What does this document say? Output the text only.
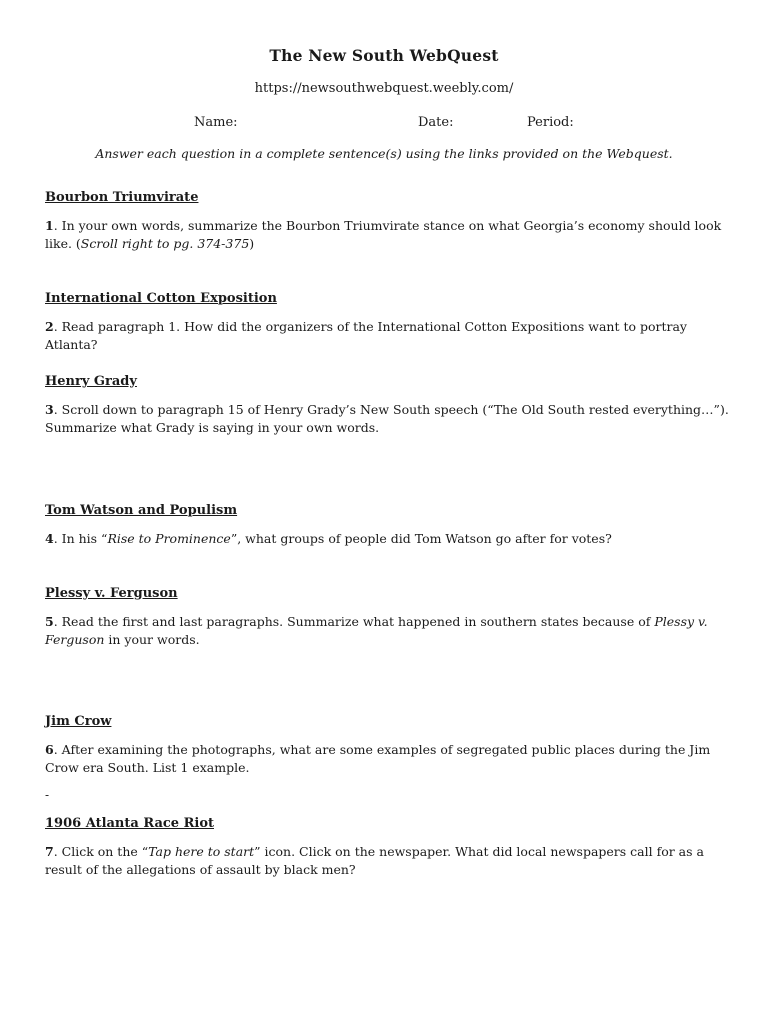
The New South WebQuest
https://newsouthwebquest.weebly.com/
Name:	Date:	Period:
Answer each question in a complete sentence(s) using the links provided on the Webquest.
Bourbon Triumvirate
1. In your own words, summarize the Bourbon Triumvirate stance on what Georgia’s economy should look like. (Scroll right to pg. 374-375)
International Cotton Exposition
2. Read paragraph 1. How did the organizers of the International Cotton Expositions want to portray Atlanta?
Henry Grady
3. Scroll down to paragraph 15 of Henry Grady’s New South speech (“The Old South rested everything…”). Summarize what Grady is saying in your own words.
Tom Watson and Populism
4. In his “Rise to Prominence”, what groups of people did Tom Watson go after for votes?
Plessy v. Ferguson
5. Read the first and last paragraphs. Summarize what happened in southern states because of Plessy v. Ferguson in your words.
Jim Crow
6. After examining the photographs, what are some examples of segregated public places during the Jim Crow era South. List 1 example.
-
1906 Atlanta Race Riot
7. Click on the “Tap here to start” icon. Click on the newspaper. What did local newspapers call for as a result of the allegations of assault by black men?
